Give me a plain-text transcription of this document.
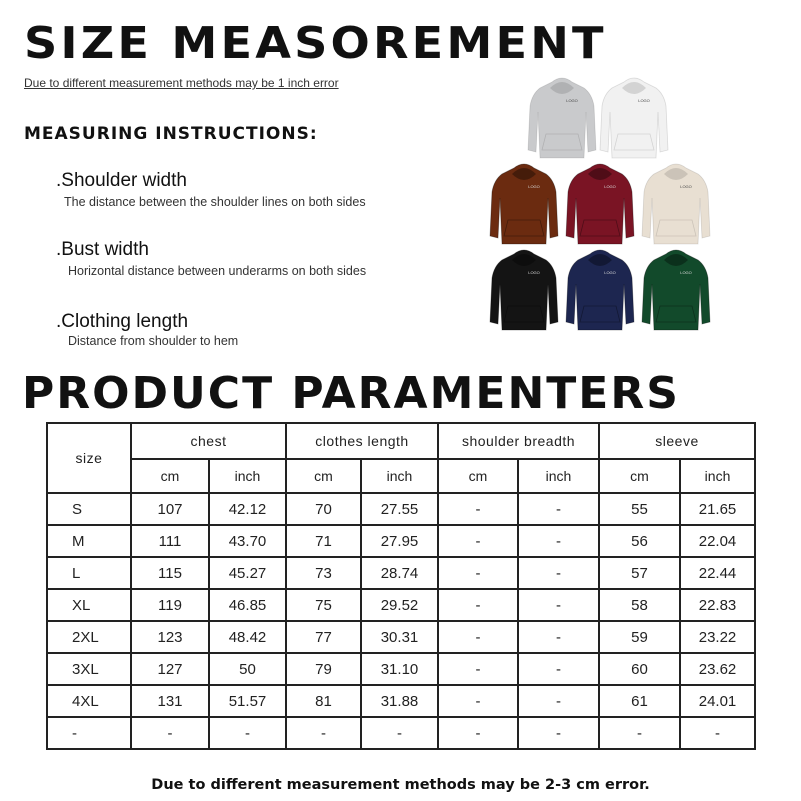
SIZE MEASOREMENT
Due to different measurement methods may be 1 inch error
MEASURING INSTRUCTIONS:
.Shoulder width
The distance between the shoulder lines on both sides
.Bust width
Horizontal distance between underarms on both sides
.Clothing length
Distance from shoulder to hem
LOGO	LOGO
LOGO	LOGO	LOGO
LOGO	LOGO	LOGO
PRODUCT PARAMENTERS
size	chest		clothes length		shoulder breadth		sleeve	
	cm	inch	cm	inch	cm	inch	cm	inch
S	107	42.12	70	27.55	-	-	55	21.65
M	111	43.70	71	27.95	-	-	56	22.04
L	115	45.27	73	28.74	-	-	57	22.44
XL	119	46.85	75	29.52	-	-	58	22.83
2XL	123	48.42	77	30.31	-	-	59	23.22
3XL	127	50	79	31.10	-	-	60	23.62
4XL	131	51.57	81	31.88	-	-	61	24.01
-	-	-	-	-	-	-	-	-
Due to different measurement methods may be 2-3 cm error.
